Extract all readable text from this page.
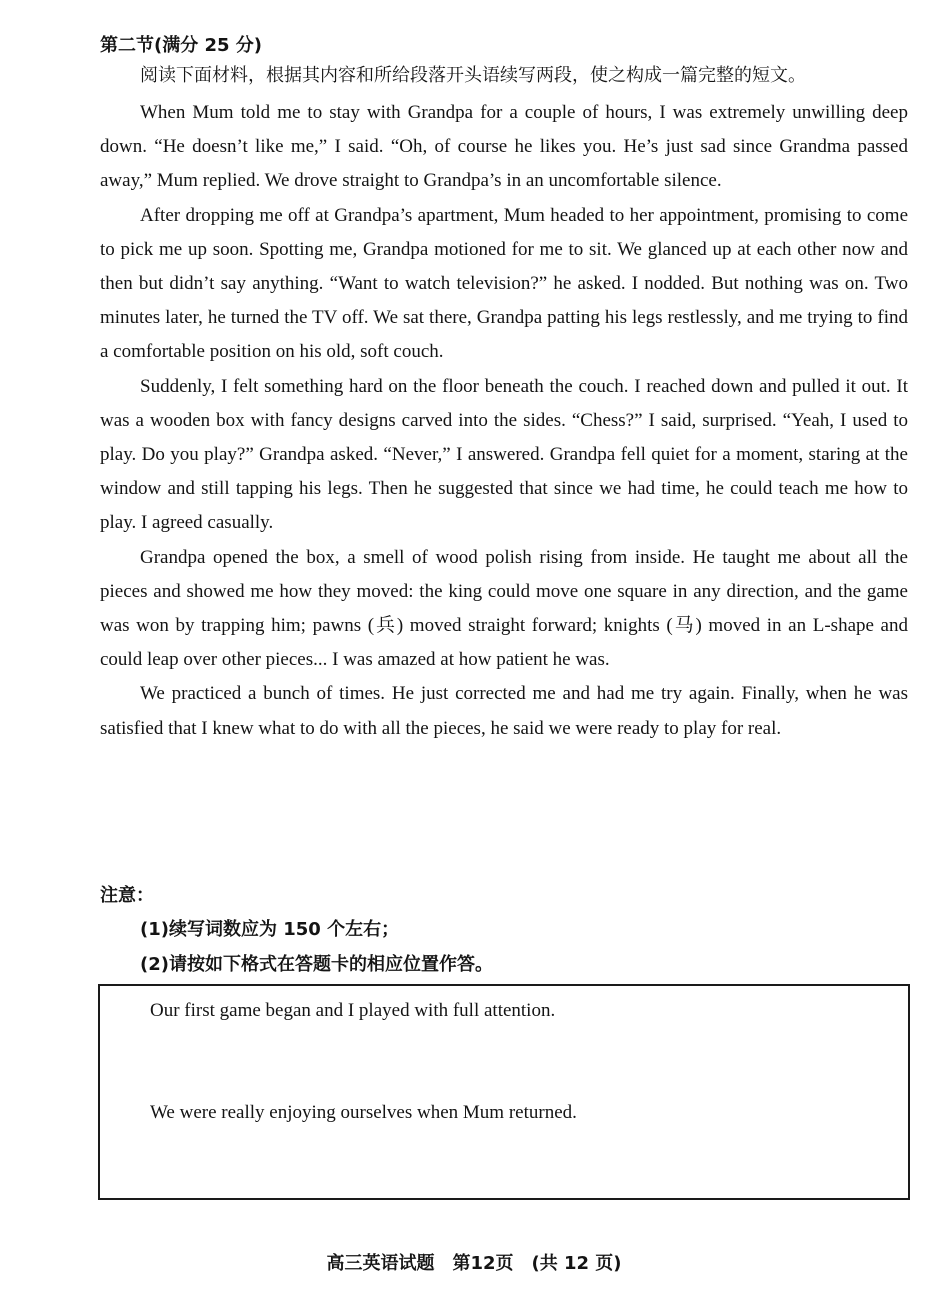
第二节(满分 25 分)
阅读下面材料，根据其内容和所给段落开头语续写两段，使之构成一篇完整的短文。

When Mum told me to stay with Grandpa for a couple of hours, I was extremely unwilling deep down. “He doesn’t like me,” I said. “Oh, of course he likes you. He’s just sad since Grandma passed away,” Mum replied. We drove straight to Grandpa’s in an uncomfortable silence.

After dropping me off at Grandpa’s apartment, Mum headed to her appointment, promising to come to pick me up soon. Spotting me, Grandpa motioned for me to sit. We glanced up at each other now and then but didn’t say anything. “Want to watch television?” he asked. I nodded. But nothing was on. Two minutes later, he turned the TV off. We sat there, Grandpa patting his legs restlessly, and me trying to find a comfortable position on his old, soft couch.

Suddenly, I felt something hard on the floor beneath the couch. I reached down and pulled it out. It was a wooden box with fancy designs carved into the sides. “Chess?” I said, surprised. “Yeah, I used to play. Do you play?” Grandpa asked. “Never,” I answered. Grandpa fell quiet for a moment, staring at the window and still tapping his legs. Then he suggested that since we had time, he could teach me how to play. I agreed casually.

Grandpa opened the box, a smell of wood polish rising from inside. He taught me about all the pieces and showed me how they moved: the king could move one square in any direction, and the game was won by trapping him; pawns (兵) moved straight forward; knights (马) moved in an L-shape and could leap over other pieces... I was amazed at how patient he was.

We practiced a bunch of times. He just corrected me and had me try again. Finally, when he was satisfied that I knew what to do with all the pieces, he said we were ready to play for real.

注意：
(1)续写词数应为 150 个左右；
(2)请按如下格式在答题卡的相应位置作答。
Our first game began and I played with full attention.
We were really enjoying ourselves when Mum returned.
高三英语试题　第12页　(共 12 页)
